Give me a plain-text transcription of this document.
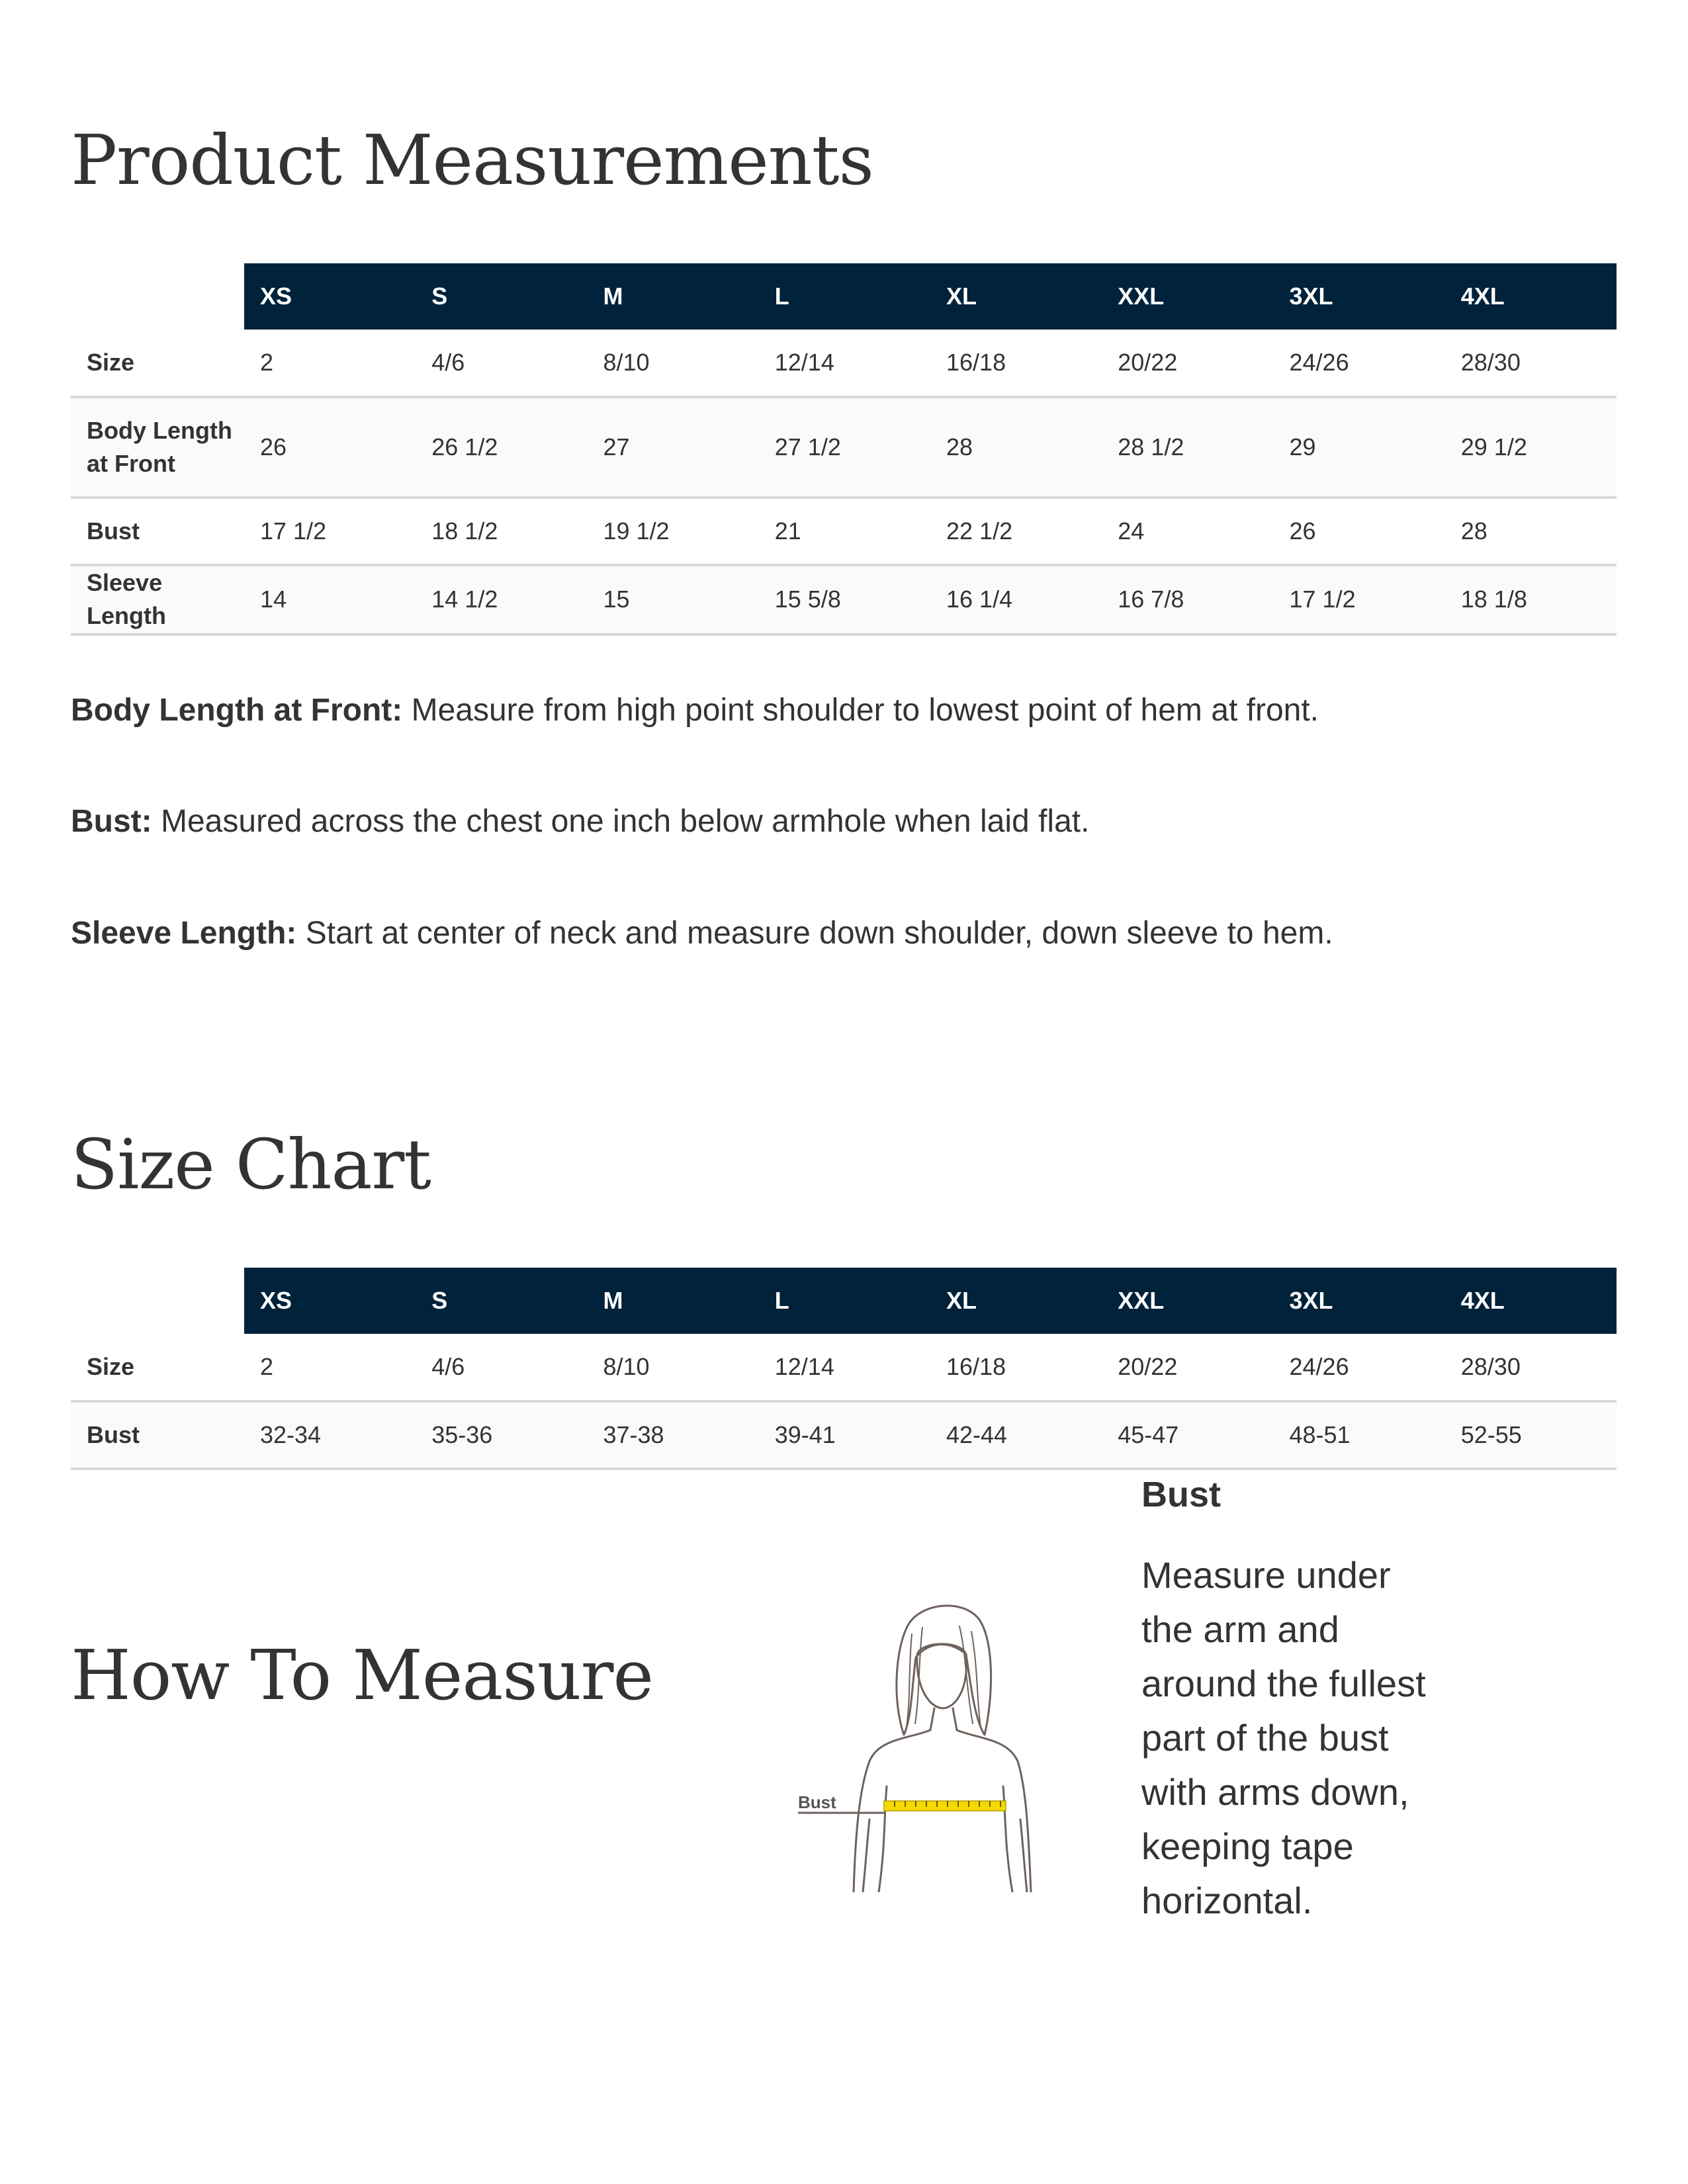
Product Measurements
	XS	S	M	L	XL	XXL	3XL	4XL
Size	2	4/6	8/10	12/14	16/18	20/22	24/26	28/30
Body Length at Front	26	26 1/2	27	27 1/2	28	28 1/2	29	29 1/2
Bust	17 1/2	18 1/2	19 1/2	21	22 1/2	24	26	28
Sleeve Length	14	14 1/2	15	15 5/8	16 1/4	16 7/8	17 1/2	18 1/8

Body Length at Front: Measure from high point shoulder to lowest point of hem at front.

Bust: Measured across the chest one inch below armhole when laid flat.

Sleeve Length: Start at center of neck and measure down shoulder, down sleeve to hem.

Size Chart
	XS	S	M	L	XL	XXL	3XL	4XL
Size	2	4/6	8/10	12/14	16/18	20/22	24/26	28/30
Bust	32-34	35-36	37-38	39-41	42-44	45-47	48-51	52-55
How To Measure
Bust
Bust

Measure under the arm and around the fullest part of the bust with arms down, keeping tape horizontal.
